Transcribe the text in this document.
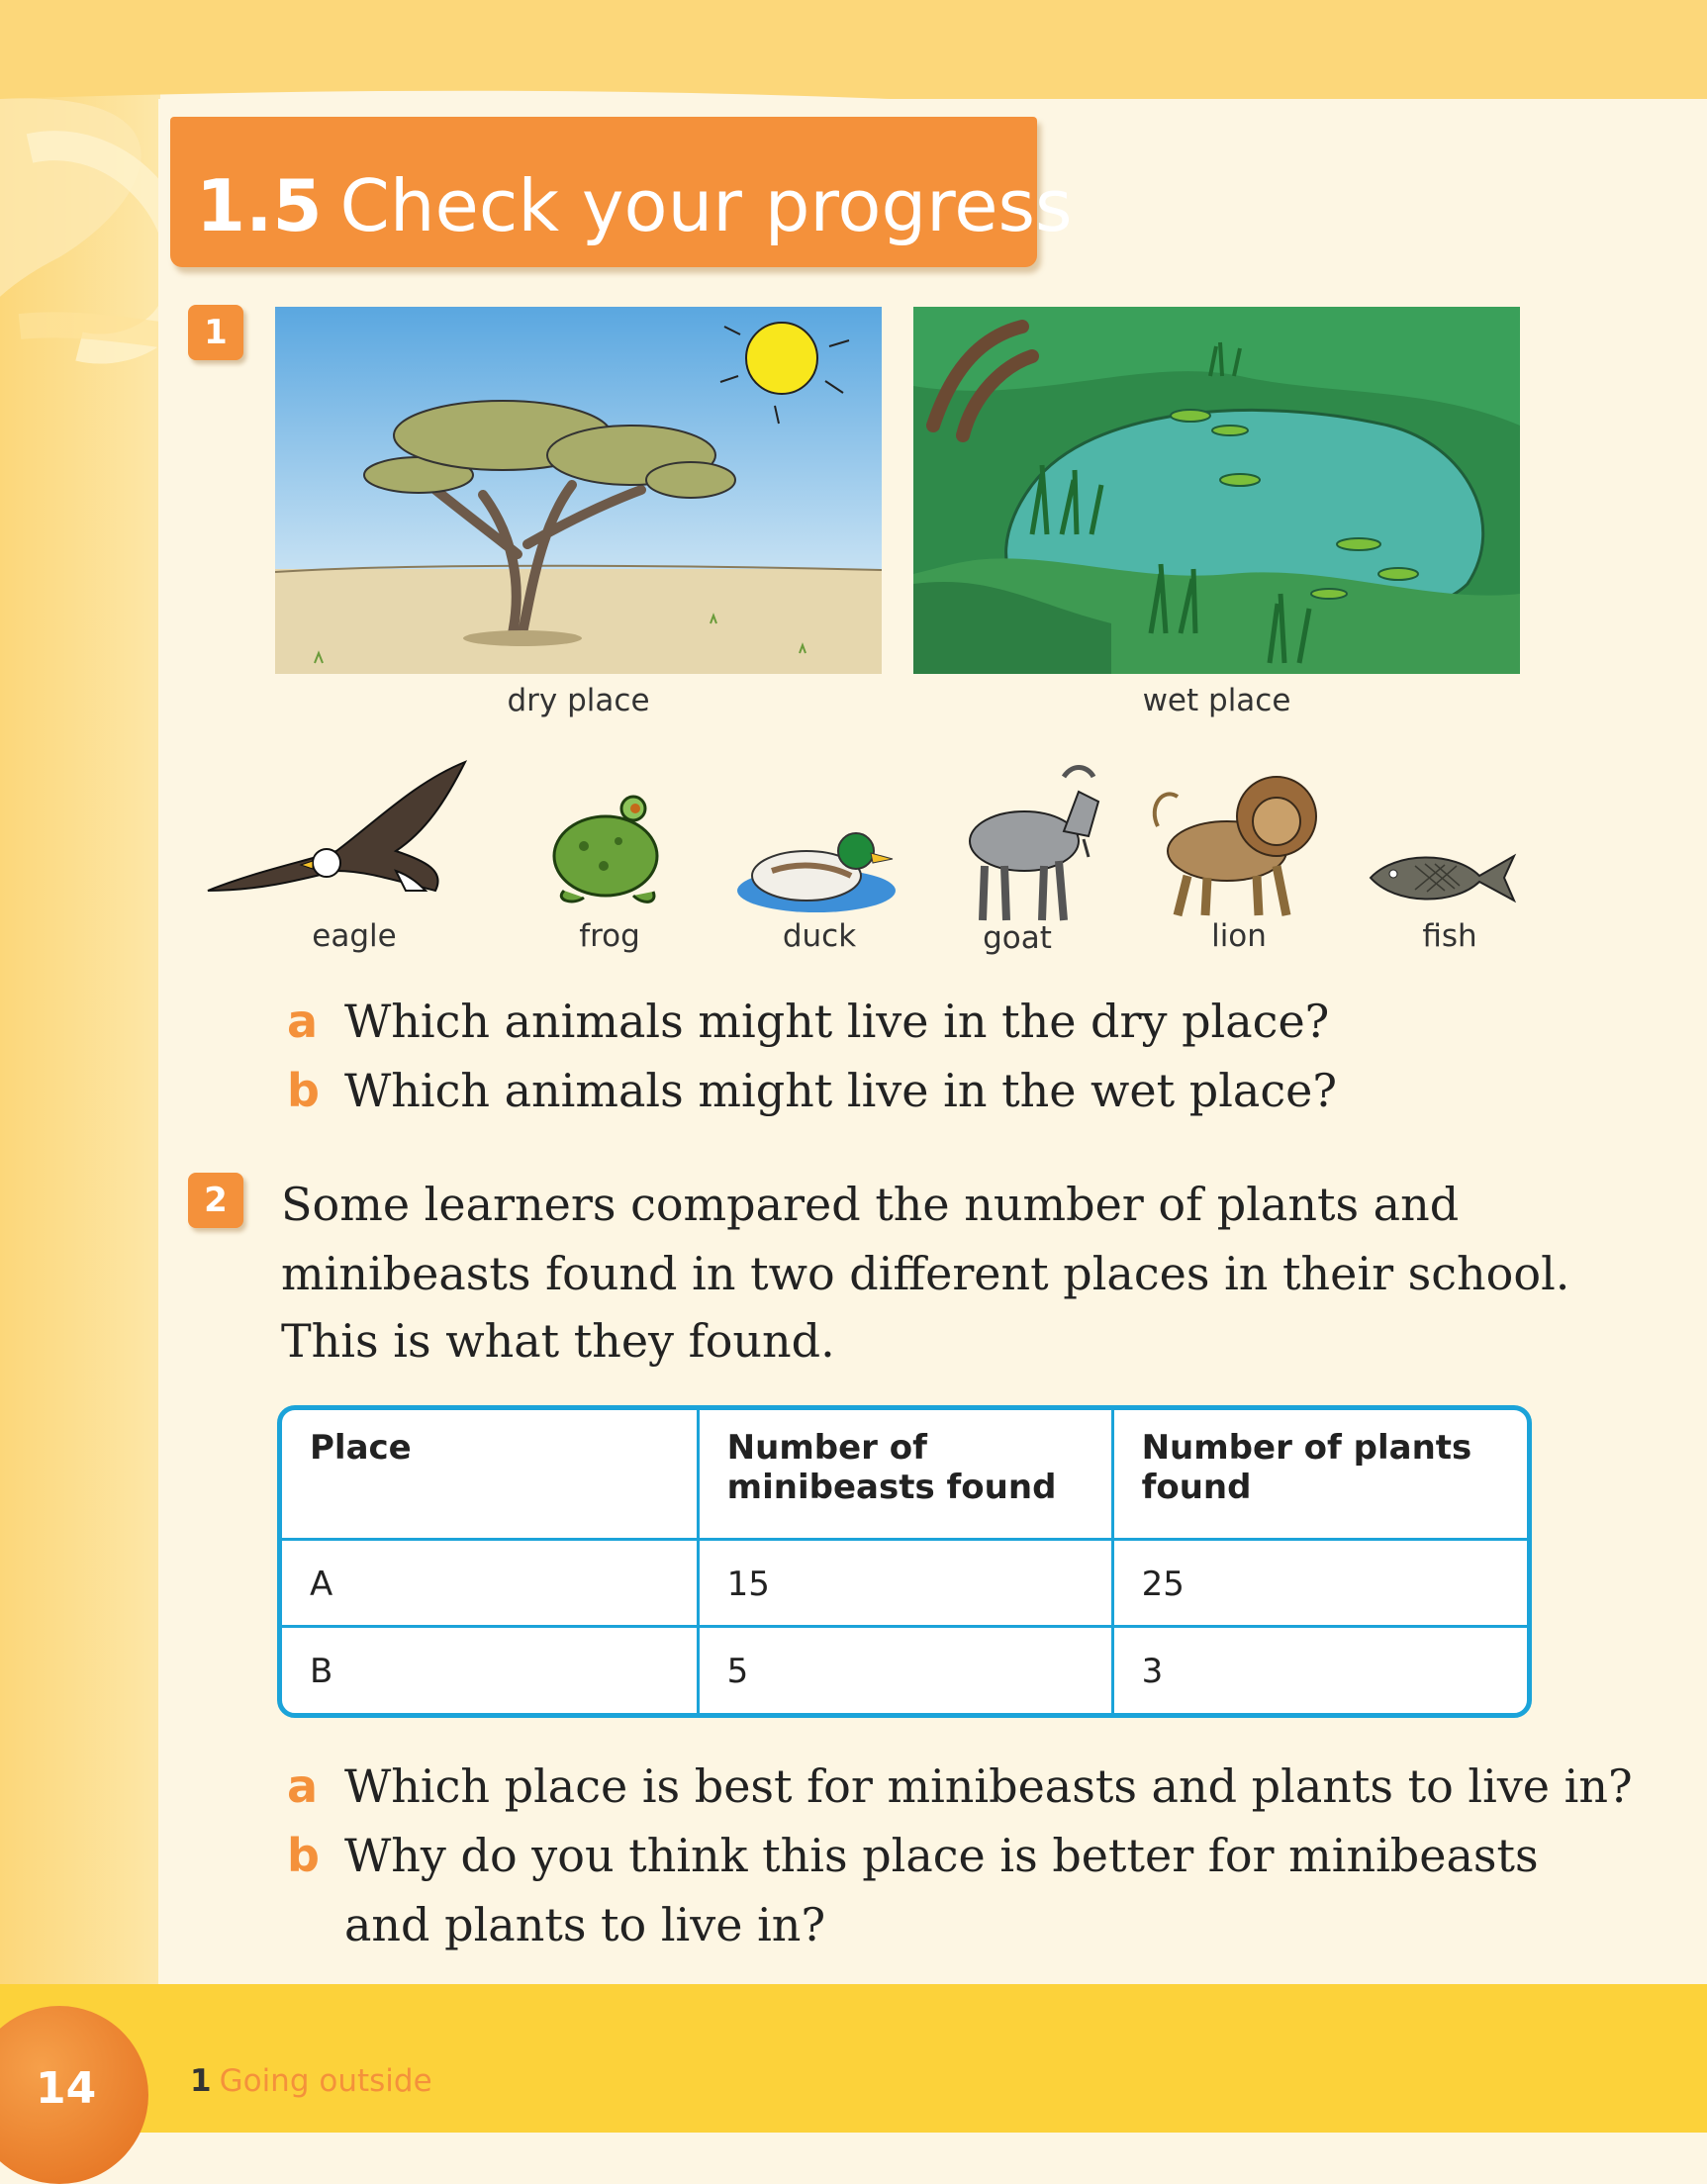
1.5 Check your progress
1
dry place	wet place
eagle	frog	duck	goat	lion	fish
a Which animals might live in the dry place?
b Which animals might live in the wet place?
2	Some learners compared the number of plants and
minibeasts found in two different places in their school.
This is what they found.
Place	Number of minibeasts found	Number of plants found
A	15	25
B	5	3
a Which place is best for minibeasts and plants to live in?
b Why do you think this place is better for minibeasts
and plants to live in?
14	1 Going outside
